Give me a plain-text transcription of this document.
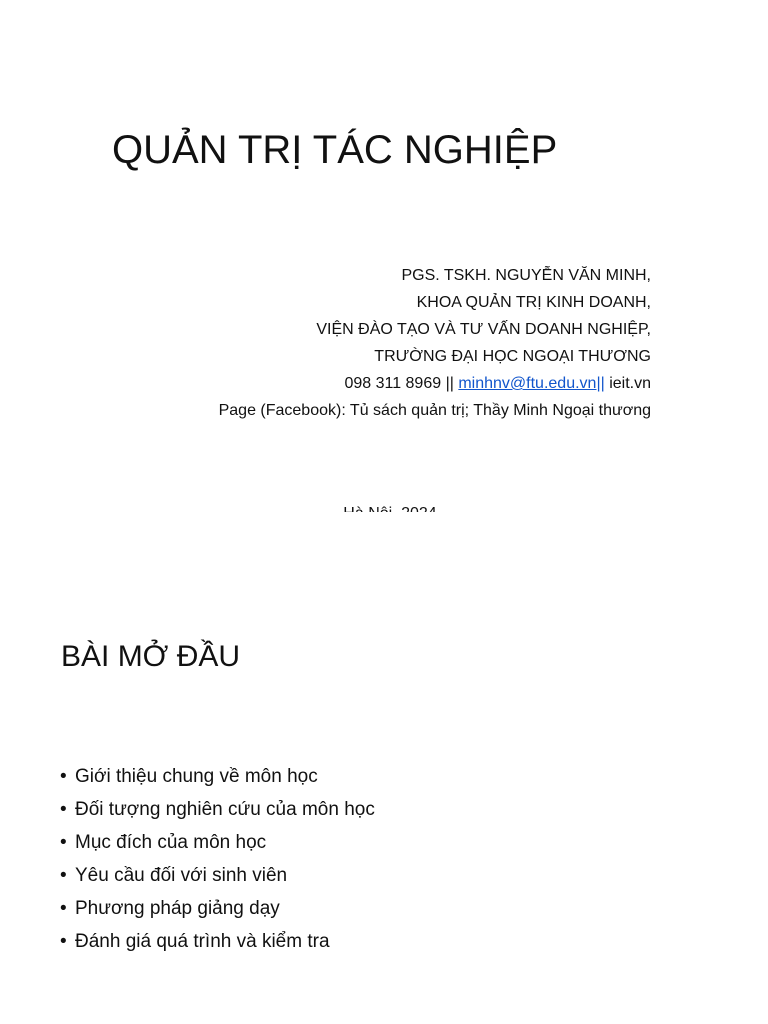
QUẢN TRỊ TÁC NGHIỆP
PGS. TSKH. NGUYỄN VĂN MINH,
KHOA QUẢN TRỊ KINH DOANH,
VIỆN ĐÀO TẠO VÀ TƯ VẤN DOANH NGHIỆP,
TRƯỜNG ĐẠI HỌC NGOẠI THƯƠNG
098 311 8969 || minhnv@ftu.edu.vn|| ieit.vn
Page (Facebook): Tủ sách quản trị; Thầy Minh Ngoại thương

BÀI MỞ ĐẦU
• Giới thiệu chung về môn học
• Đối tượng nghiên cứu của môn học
• Mục đích của môn học
• Yêu cầu đối với sinh viên
• Phương pháp giảng dạy
• Đánh giá quá trình và kiểm tra
